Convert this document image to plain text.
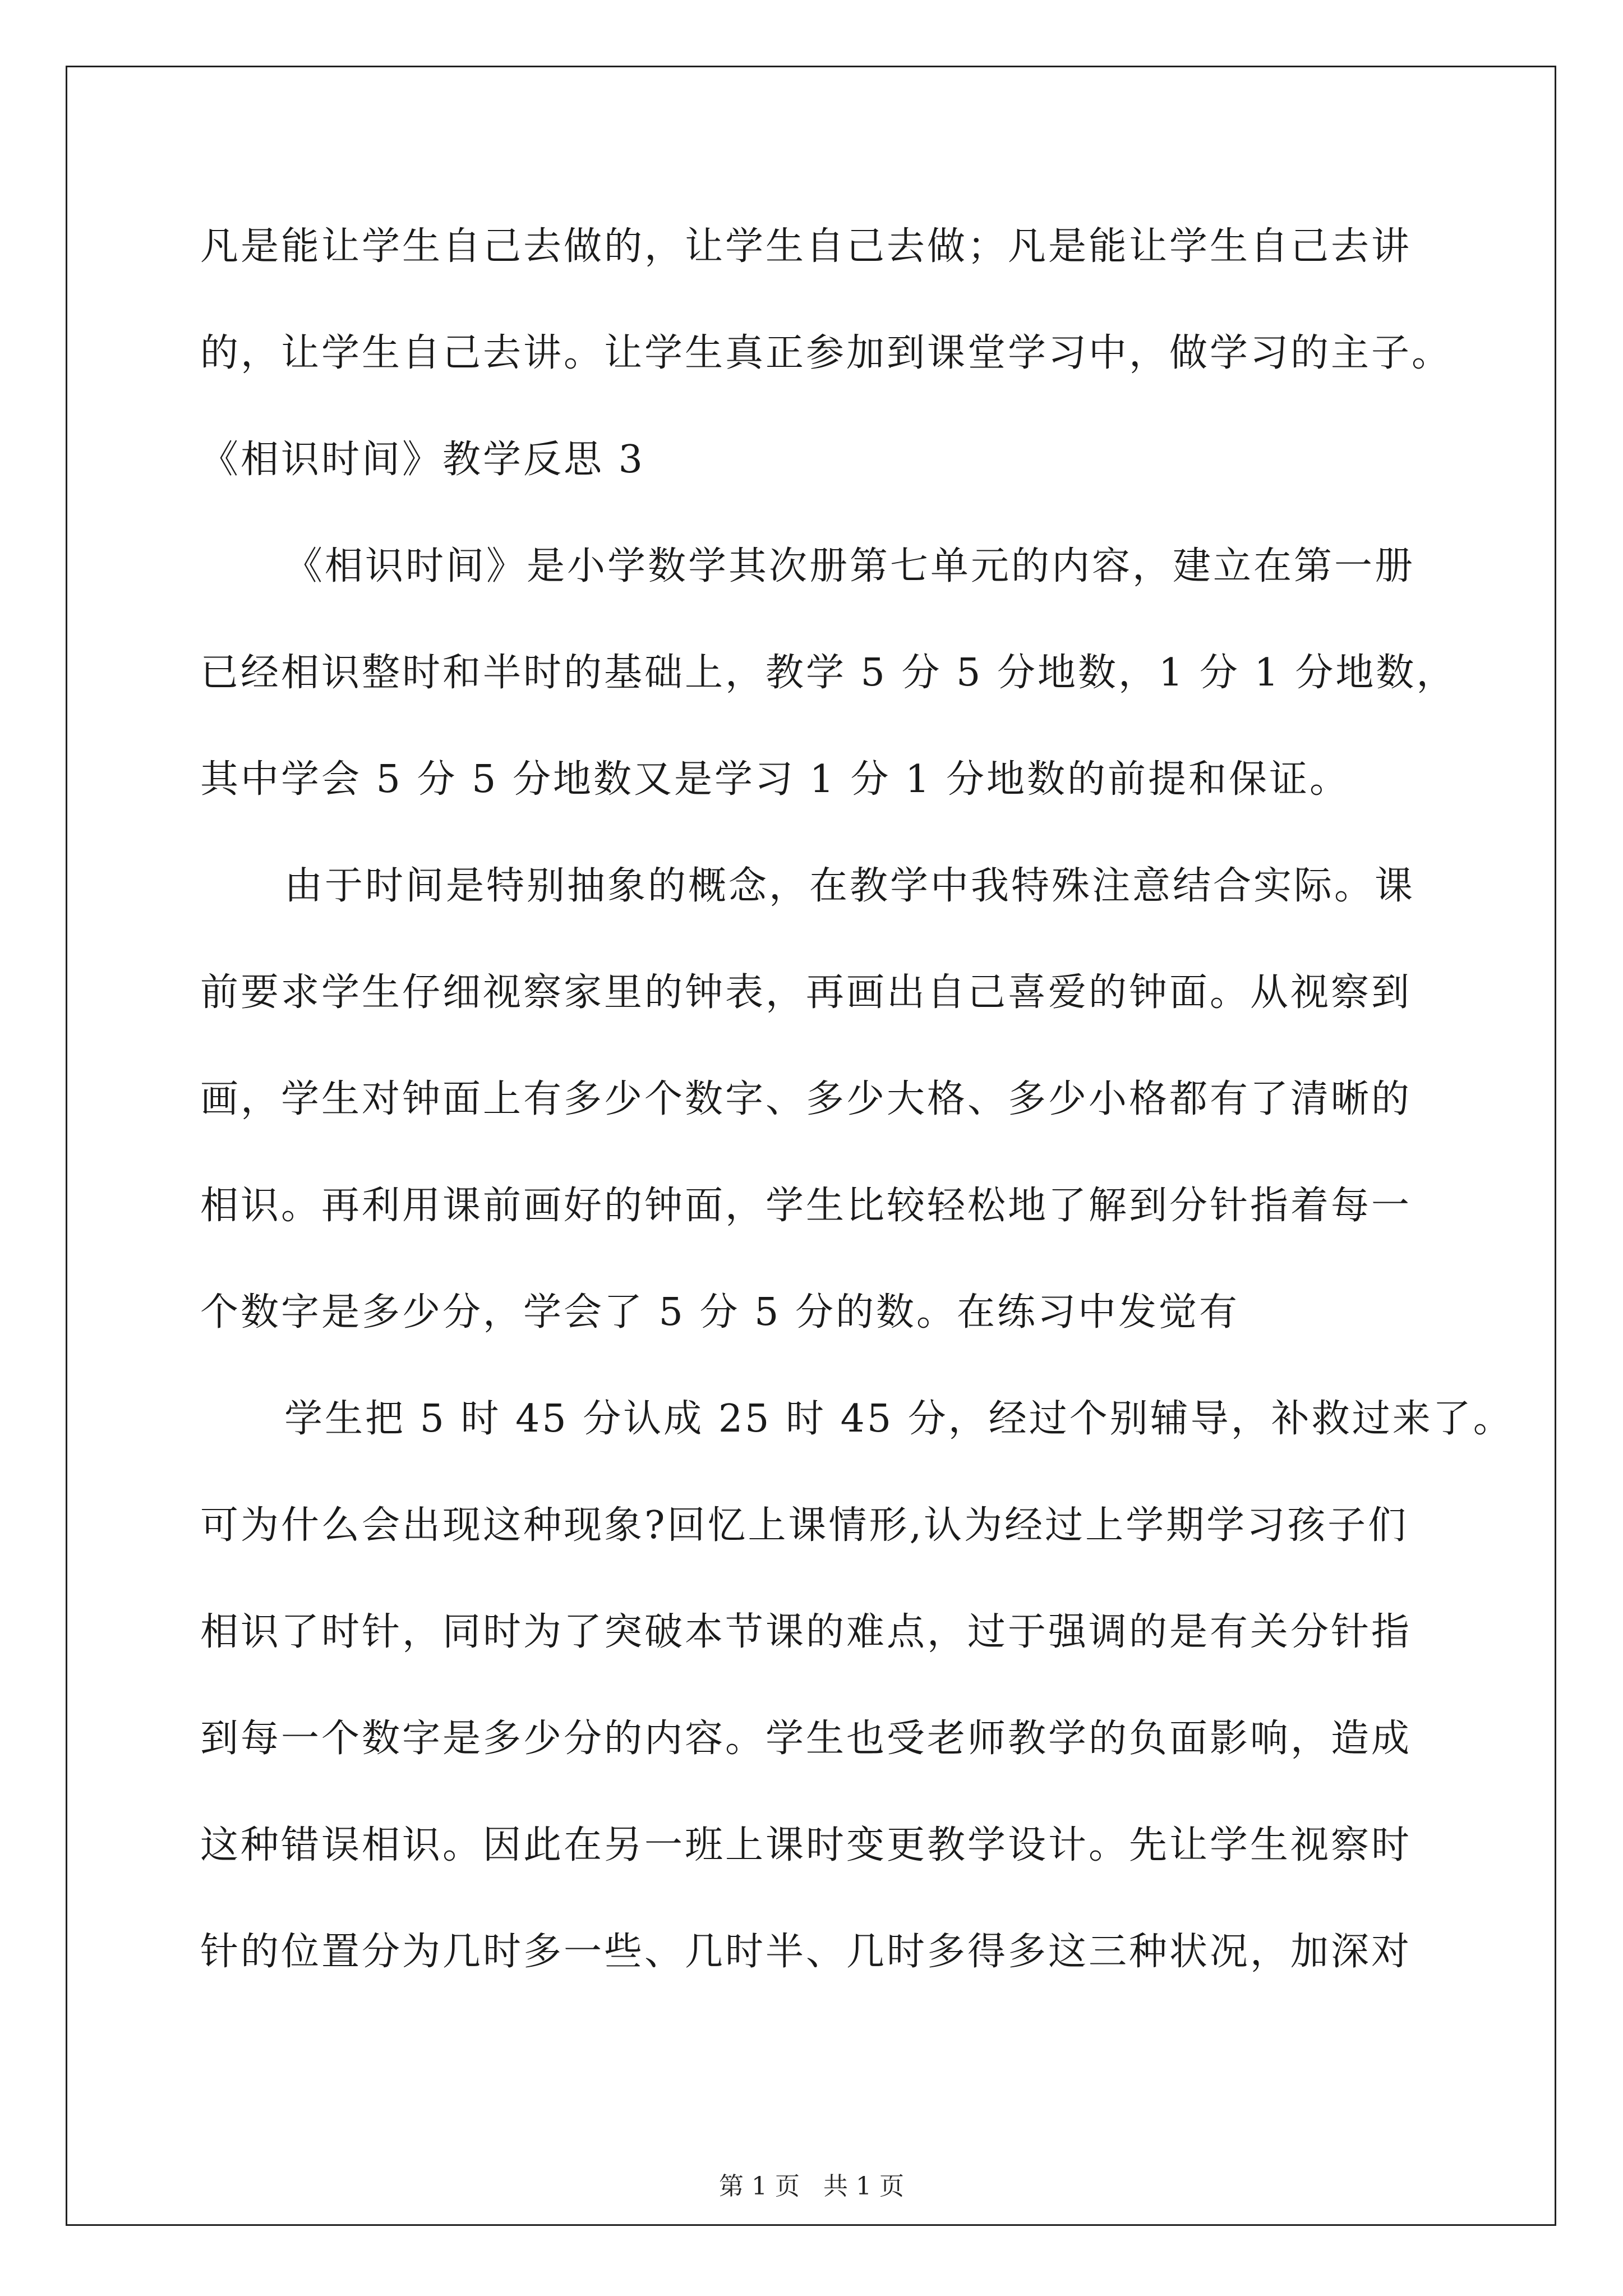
凡是能让学生自己去做的，让学生自己去做；凡是能让学生自己去讲
的，让学生自己去讲。让学生真正参加到课堂学习中，做学习的主子。
《相识时间》教学反思 3
《相识时间》是小学数学其次册第七单元的内容，建立在第一册
已经相识整时和半时的基础上，教学 5 分 5 分地数，1 分 1 分地数，
其中学会 5 分 5 分地数又是学习 1 分 1 分地数的前提和保证。
由于时间是特别抽象的概念，在教学中我特殊注意结合实际。课
前要求学生仔细视察家里的钟表，再画出自己喜爱的钟面。从视察到
画，学生对钟面上有多少个数字、多少大格、多少小格都有了清晰的
相识。再利用课前画好的钟面，学生比较轻松地了解到分针指着每一
个数字是多少分，学会了 5 分 5 分的数。在练习中发觉有
学生把 5 时 45 分认成 25 时 45 分，经过个别辅导，补救过来了。
可为什么会出现这种现象?回忆上课情形,认为经过上学期学习孩子们
相识了时针，同时为了突破本节课的难点，过于强调的是有关分针指
到每一个数字是多少分的内容。学生也受老师教学的负面影响，造成
这种错误相识。因此在另一班上课时变更教学设计。先让学生视察时
针的位置分为几时多一些、几时半、几时多得多这三种状况，加深对
第 1 页 共 1 页
